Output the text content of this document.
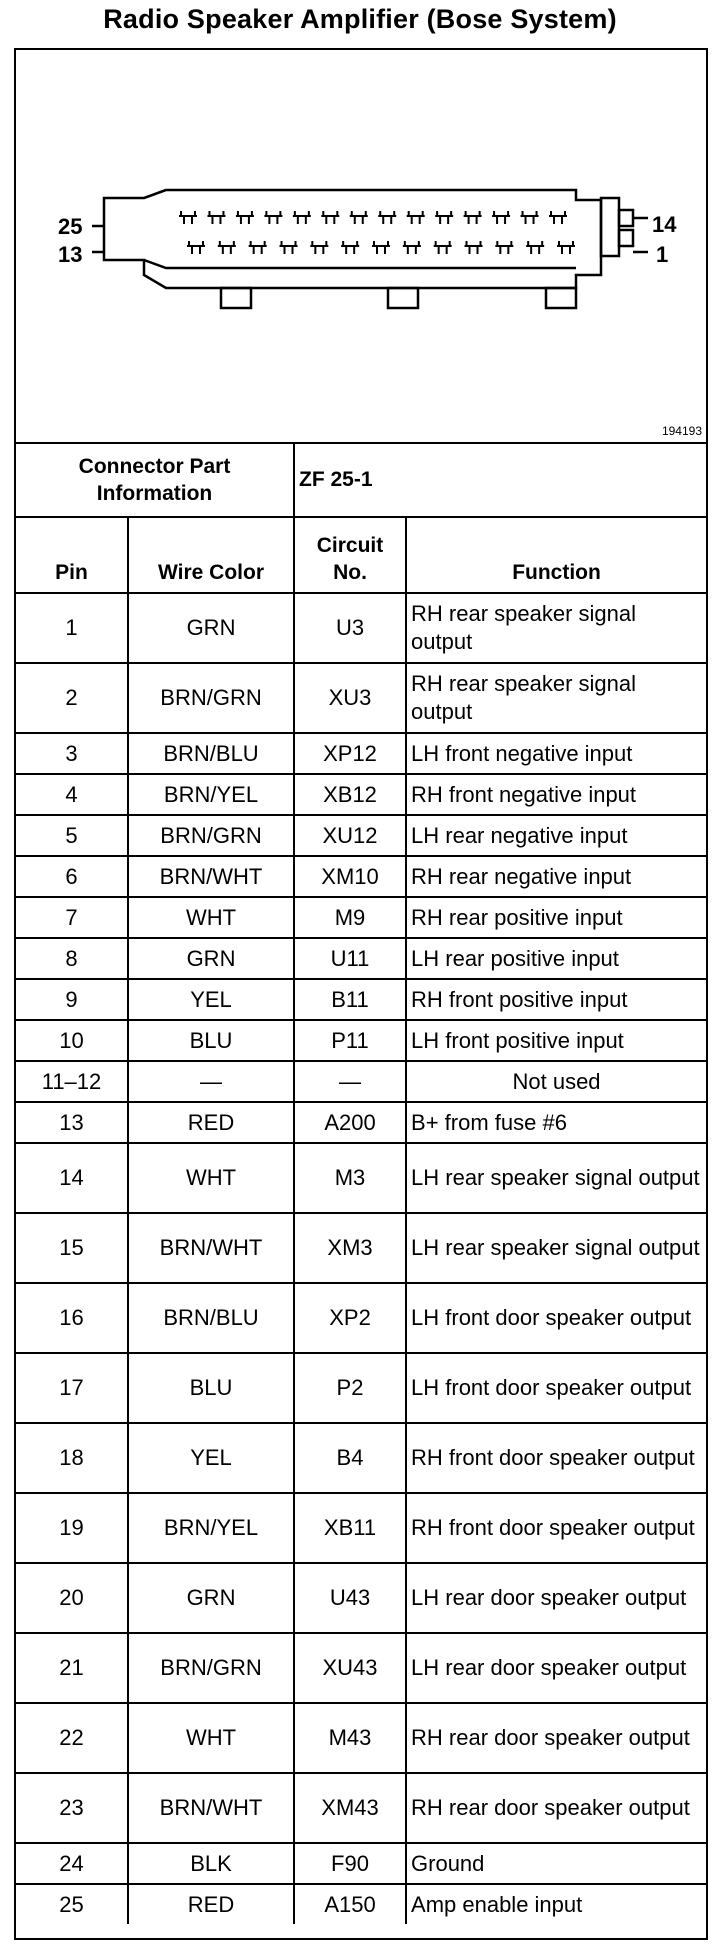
Radio Speaker Amplifier (Bose System)
25
13
14
1
194193
Connector Part Information		ZF 25-1	
Pin	Wire Color	Circuit No.	Function
1	GRN	U3	RH rear speaker signal output
2	BRN/GRN	XU3	RH rear speaker signal output
3	BRN/BLU	XP12	LH front negative input
4	BRN/YEL	XB12	RH front negative input
5	BRN/GRN	XU12	LH rear negative input
6	BRN/WHT	XM10	RH rear negative input
7	WHT	M9	RH rear positive input
8	GRN	U11	LH rear positive input
9	YEL	B11	RH front positive input
10	BLU	P11	LH front positive input
11–12	—	—	Not used
13	RED	A200	B+ from fuse #6
14	WHT	M3	LH rear speaker signal output
15	BRN/WHT	XM3	LH rear speaker signal output
16	BRN/BLU	XP2	LH front door speaker output
17	BLU	P2	LH front door speaker output
18	YEL	B4	RH front door speaker output
19	BRN/YEL	XB11	RH front door speaker output
20	GRN	U43	LH rear door speaker output
21	BRN/GRN	XU43	LH rear door speaker output
22	WHT	M43	RH rear door speaker output
23	BRN/WHT	XM43	RH rear door speaker output
24	BLK	F90	Ground
25	RED	A150	Amp enable input
